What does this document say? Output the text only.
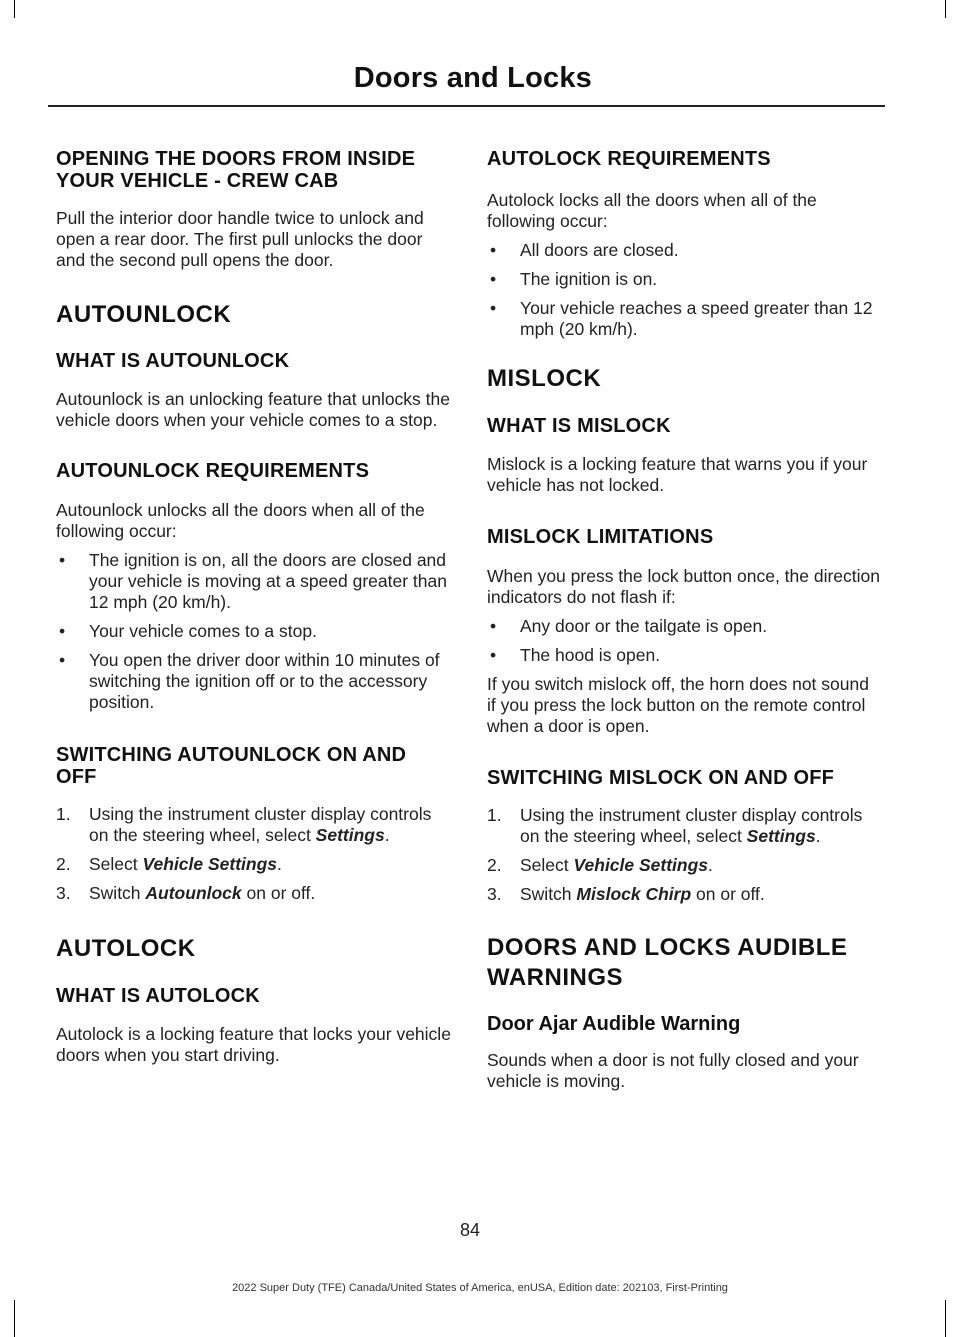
Doors and Locks
OPENING THE DOORS FROM INSIDE YOUR VEHICLE - CREW CAB

Pull the interior door handle twice to unlock and open a rear door. The first pull unlocks the door and the second pull opens the door.

AUTOUNLOCK
WHAT IS AUTOUNLOCK

Autounlock is an unlocking feature that unlocks the vehicle doors when your vehicle comes to a stop.

AUTOUNLOCK REQUIREMENTS

Autounlock unlocks all the doors when all of the following occur:

• The ignition is on, all the doors are closed and your vehicle is moving at a speed greater than 12 mph (20 km/h).
• Your vehicle comes to a stop.
• You open the driver door within 10 minutes of switching the ignition off or to the accessory position.
SWITCHING AUTOUNLOCK ON AND OFF
1. Using the instrument cluster display controls on the steering wheel, select Settings.
2. Select Vehicle Settings.
3. Switch Autounlock on or off.
AUTOLOCK
WHAT IS AUTOLOCK

Autolock is a locking feature that locks your vehicle doors when you start driving.

AUTOLOCK REQUIREMENTS

Autolock locks all the doors when all of the following occur:

• All doors are closed.
• The ignition is on.
• Your vehicle reaches a speed greater than 12 mph (20 km/h).
MISLOCK
WHAT IS MISLOCK

Mislock is a locking feature that warns you if your vehicle has not locked.

MISLOCK LIMITATIONS

When you press the lock button once, the direction indicators do not flash if:

• Any door or the tailgate is open.
• The hood is open.

If you switch mislock off, the horn does not sound if you press the lock button on the remote control when a door is open.

SWITCHING MISLOCK ON AND OFF
1. Using the instrument cluster display controls on the steering wheel, select Settings.
2. Select Vehicle Settings.
3. Switch Mislock Chirp on or off.
DOORS AND LOCKS AUDIBLE
WARNINGS
Door Ajar Audible Warning

Sounds when a door is not fully closed and your vehicle is moving.

84
2022 Super Duty (TFE) Canada/United States of America, enUSA, Edition date: 202103, First-Printing
